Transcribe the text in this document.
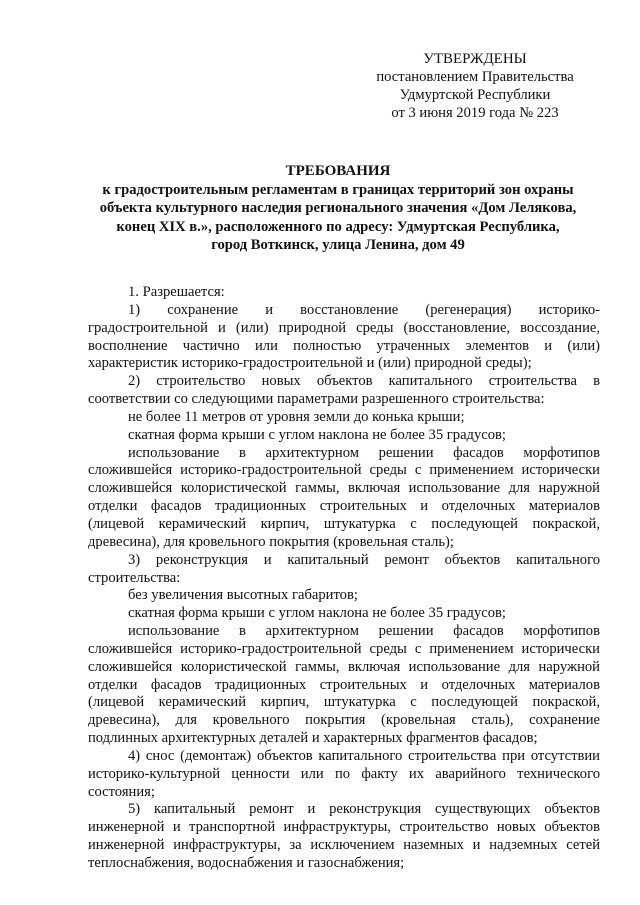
УТВЕРЖДЕНЫ
постановлением Правительства
Удмуртской Республики
от 3 июня 2019 года № 223
ТРЕБОВАНИЯ
к градостроительным регламентам в границах территорий зон охраны
объекта культурного наследия регионального значения «Дом Лелякова,
конец XIX в.», расположенного по адресу: Удмуртская Республика,
город Воткинск, улица Ленина, дом 49
1. Разрешается:
1) сохранение и восстановление (регенерация) историко-
градостроительной и (или) природной среды (восстановление, воссоздание,
восполнение частично или полностью утраченных элементов и (или)
характеристик историко-градостроительной и (или) природной среды);
2) строительство новых объектов капитального строительства в
соответствии со следующими параметрами разрешенного строительства:
не более 11 метров от уровня земли до конька крыши;
скатная форма крыши с углом наклона не более 35 градусов;
использование в архитектурном решении фасадов морфотипов
сложившейся историко-градостроительной среды с применением исторически
сложившейся колористической гаммы, включая использование для наружной
отделки фасадов традиционных строительных и отделочных материалов
(лицевой керамический кирпич, штукатурка с последующей покраской,
древесина), для кровельного покрытия (кровельная сталь);
3) реконструкция и капитальный ремонт объектов капитального
строительства:
без увеличения высотных габаритов;
скатная форма крыши с углом наклона не более 35 градусов;
использование в архитектурном решении фасадов морфотипов
сложившейся историко-градостроительной среды с применением исторически
сложившейся колористической гаммы, включая использование для наружной
отделки фасадов традиционных строительных и отделочных материалов
(лицевой керамический кирпич, штукатурка с последующей покраской,
древесина), для кровельного покрытия (кровельная сталь), сохранение
подлинных архитектурных деталей и характерных фрагментов фасадов;
4) снос (демонтаж) объектов капитального строительства при отсутствии
историко-культурной ценности или по факту их аварийного технического
состояния;
5) капитальный ремонт и реконструкция существующих объектов
инженерной и транспортной инфраструктуры, строительство новых объектов
инженерной инфраструктуры, за исключением наземных и надземных сетей
теплоснабжения, водоснабжения и газоснабжения;
